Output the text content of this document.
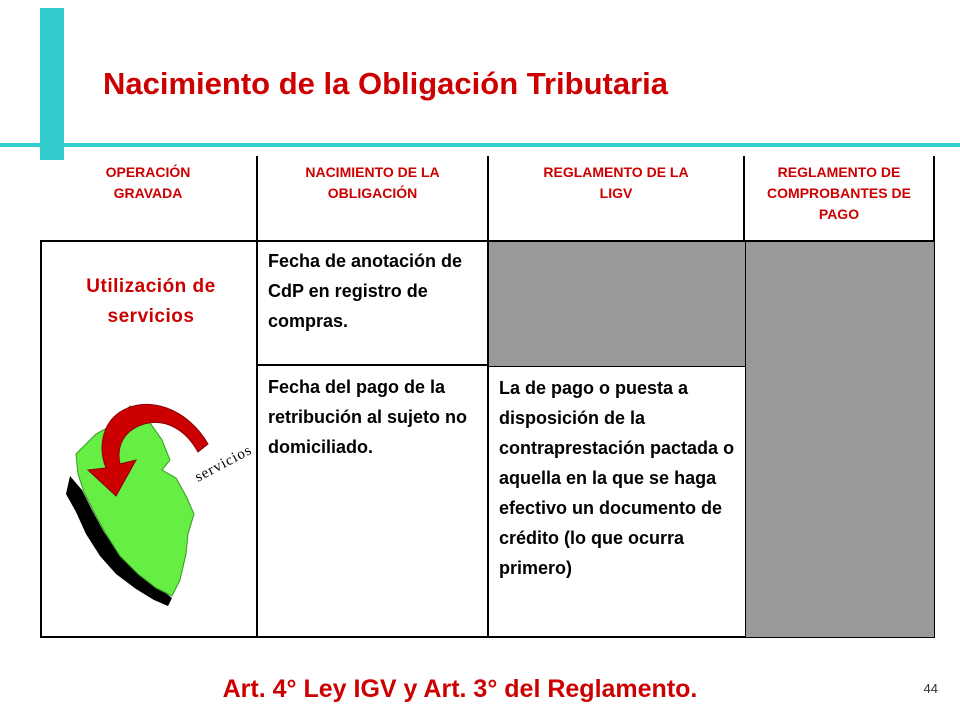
Nacimiento de la Obligación Tributaria
OPERACIÓN GRAVADA
NACIMIENTO DE LA OBLIGACIÓN
REGLAMENTO DE LA LIGV
REGLAMENTO DE COMPROBANTES DE PAGO
Utilización de servicios
Fecha de anotación de CdP en registro de compras.
Fecha del pago de la retribución al sujeto no domiciliado.
La de pago o puesta a disposición de la contraprestación pactada o aquella en la que se haga efectivo un documento de crédito (lo que ocurra primero)
servicios
Art. 4° Ley IGV y Art. 3° del Reglamento.	44
